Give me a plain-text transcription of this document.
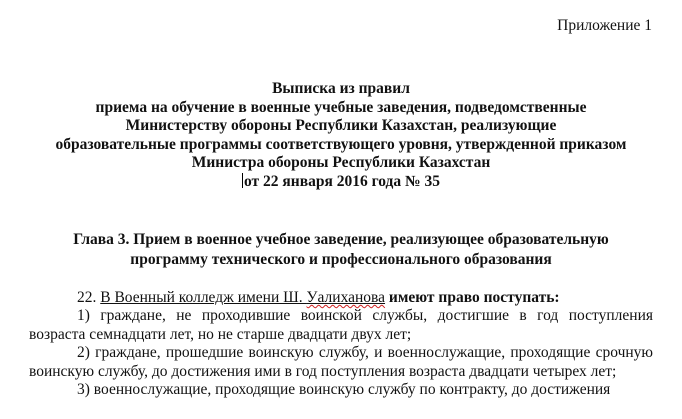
Приложение 1
Выписка из правил
приема на обучение в военные учебные заведения, подведомственные
Министерству обороны Республики Казахстан, реализующие
образовательные программы соответствующего уровня, утвержденной приказом
Министра обороны Республики Казахстан
от 22 января 2016 года № 35
Глава 3. Прием в военное учебное заведение, реализующее образовательную
программу технического и профессионального образования

22. В Военный колледж имени Ш. Уалиханова имеют право поступать:

1) граждане, не проходившие воинской службы, достигшие в год поступления возраста семнадцати лет, но не старше двадцати двух лет;

2) граждане, прошедшие воинскую службу, и военнослужащие, проходящие срочную воинскую службу, до достижения ими в год поступления возраста двадцати четырех лет;

3) военнослужащие, проходящие воинскую службу по контракту, до достижения
